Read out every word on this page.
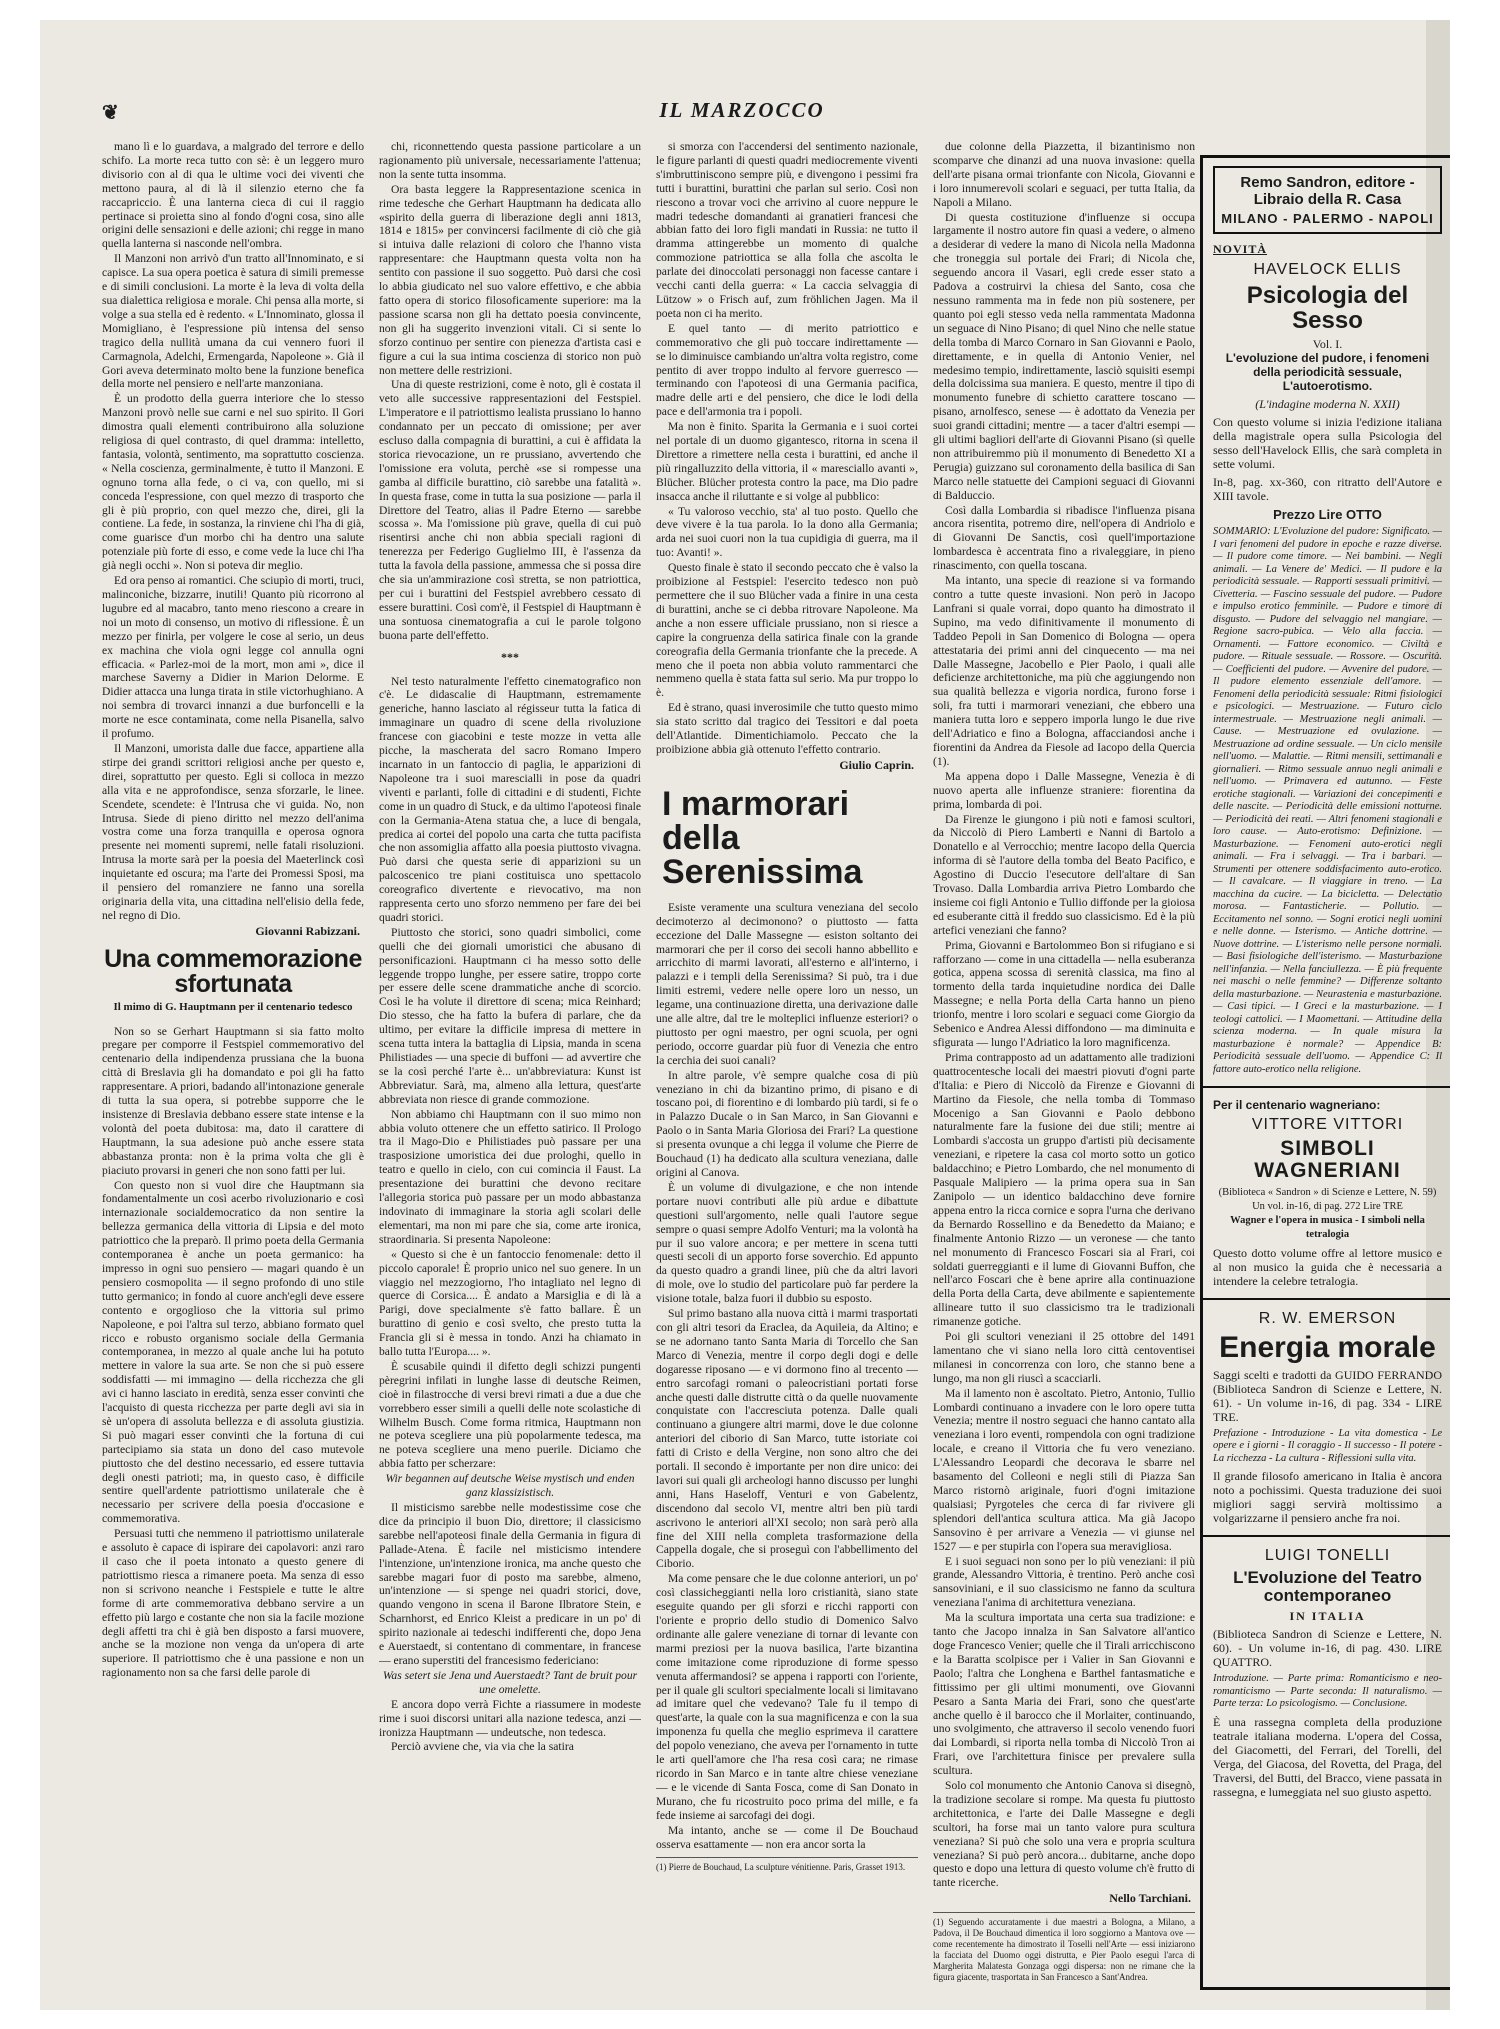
❦	IL MARZOCCO

mano lì e lo guardava, a malgrado del terrore e dello schifo. La morte reca tutto con sè: è un leggero muro divisorio con al di qua le ultime voci dei viventi che mettono paura, al di là il silenzio eterno che fa raccapriccio. È una lanterna cieca di cui il raggio pertinace si proietta sino al fondo d'ogni cosa, sino alle origini delle sensazioni e delle azioni; chi regge in mano quella lanterna si nasconde nell'ombra.

Il Manzoni non arrivò d'un tratto all'Innominato, e si capisce. La sua opera poetica è satura di simili premesse e di simili conclusioni. La morte è la leva di volta della sua dialettica religiosa e morale. Chi pensa alla morte, si volge a sua stella ed è redento. « L'Innominato, glossa il Momigliano, è l'espressione più intensa del senso tragico della nullità umana da cui vennero fuori il Carmagnola, Adelchi, Ermengarda, Napoleone ». Già il Gori aveva determinato molto bene la funzione benefica della morte nel pensiero e nell'arte manzoniana.

È un prodotto della guerra interiore che lo stesso Manzoni provò nelle sue carni e nel suo spirito. Il Gori dimostra quali elementi contribuirono alla soluzione religiosa di quel contrasto, di quel dramma: intelletto, fantasia, volontà, sentimento, ma soprattutto coscienza. « Nella coscienza, germinalmente, è tutto il Manzoni. E ognuno torna alla fede, o ci va, con quello, mi si conceda l'espressione, con quel mezzo di trasporto che gli è più proprio, con quel mezzo che, direi, gli la contiene. La fede, in sostanza, la rinviene chi l'ha di già, come guarisce d'un morbo chi ha dentro una salute potenziale più forte di esso, e come vede la luce chi l'ha già negli occhi ». Non si poteva dir meglio.

Ed ora penso ai romantici. Che sciupìo di morti, truci, malinconiche, bizzarre, inutili! Quanto più ricorrono al lugubre ed al macabro, tanto meno riescono a creare in noi un moto di consenso, un motivo di riflessione. È un mezzo per finirla, per volgere le cose al serio, un deus ex machina che viola ogni legge col annulla ogni efficacia. « Parlez-moi de la mort, mon ami », dice il marchese Saverny a Didier in Marion Delorme. E Didier attacca una lunga tirata in stile victorhughiano. A noi sembra di trovarci innanzi a due burfoncelli e la morte ne esce contaminata, come nella Pisanella, salvo il profumo.

Il Manzoni, umorista dalle due facce, appartiene alla stirpe dei grandi scrittori religiosi anche per questo e, direi, soprattutto per questo. Egli si colloca in mezzo alla vita e ne approfondisce, senza sforzarle, le linee. Scendete, scendete: è l'Intrusa che vi guida. No, non Intrusa. Siede di pieno diritto nel mezzo dell'anima vostra come una forza tranquilla e operosa ognora presente nei momenti supremi, nelle fatali risoluzioni. Intrusa la morte sarà per la poesia del Maeterlinck così inquietante ed oscura; ma l'arte dei Promessi Sposi, ma il pensiero del romanziere ne fanno una sorella originaria della vita, una cittadina nell'elisio della fede, nel regno di Dio.

Giovanni Rabizzani.
Una commemorazione sfortunata
Il mimo di G. Hauptmann per il centenario tedesco

Non so se Gerhart Hauptmann si sia fatto molto pregare per comporre il Festspiel commemorativo del centenario della indipendenza prussiana che la buona città di Breslavia gli ha domandato e poi gli ha fatto rappresentare. A priori, badando all'intonazione generale di tutta la sua opera, si potrebbe supporre che le insistenze di Breslavia debbano essere state intense e la volontà del poeta dubitosa: ma, dato il carattere di Hauptmann, la sua adesione può anche essere stata abbastanza pronta: non è la prima volta che gli è piaciuto provarsi in generi che non sono fatti per lui.

Con questo non si vuol dire che Hauptmann sia fondamentalmente un così acerbo rivoluzionario e così internazionale socialdemocratico da non sentire la bellezza germanica della vittoria di Lipsia e del moto patriottico che la preparò. Il primo poeta della Germania contemporanea è anche un poeta germanico: ha impresso in ogni suo pensiero — magari quando è un pensiero cosmopolita — il segno profondo di uno stile tutto germanico; in fondo al cuore anch'egli deve essere contento e orgoglioso che la vittoria sul primo Napoleone, e poi l'altra sul terzo, abbiano formato quel ricco e robusto organismo sociale della Germania contemporanea, in mezzo al quale anche lui ha potuto mettere in valore la sua arte. Se non che si può essere soddisfatti — mi immagino — della ricchezza che gli avi ci hanno lasciato in eredità, senza esser convinti che l'acquisto di questa ricchezza per parte degli avi sia in sè un'opera di assoluta bellezza e di assoluta giustizia. Si può magari esser convinti che la fortuna di cui partecipiamo sia stata un dono del caso mutevole piuttosto che del destino necessario, ed essere tuttavia degli onesti patrioti; ma, in questo caso, è difficile sentire quell'ardente patriottismo unilaterale che è necessario per scrivere della poesia d'occasione e commemorativa.

Persuasi tutti che nemmeno il patriottismo unilaterale e assoluto è capace di ispirare dei capolavori: anzi raro il caso che il poeta intonato a questo genere di patriottismo riesca a rimanere poeta. Ma senza di esso non si scrivono neanche i Festspiele e tutte le altre forme di arte commemorativa debbano servire a un effetto più largo e costante che non sia la facile mozione degli affetti tra chi è già ben disposto a farsi muovere, anche se la mozione non venga da un'opera di arte superiore. Il patriottismo che è una passione e non un ragionamento non sa che farsi delle parole di

chi, riconnettendo questa passione particolare a un ragionamento più universale, necessariamente l'attenua; non la sente tutta insomma.

Ora basta leggere la Rappresentazione scenica in rime tedesche che Gerhart Hauptmann ha dedicata allo «spirito della guerra di liberazione degli anni 1813, 1814 e 1815» per convincersi facilmente di ciò che già si intuiva dalle relazioni di coloro che l'hanno vista rappresentare: che Hauptmann questa volta non ha sentito con passione il suo soggetto. Può darsi che così lo abbia giudicato nel suo valore effettivo, e che abbia fatto opera di storico filosoficamente superiore: ma la passione scarsa non gli ha dettato poesia convincente, non gli ha suggerito invenzioni vitali. Ci si sente lo sforzo continuo per sentire con pienezza d'artista casi e figure a cui la sua intima coscienza di storico non può non mettere delle restrizioni.

Una di queste restrizioni, come è noto, gli è costata il veto alle successive rappresentazioni del Festspiel. L'imperatore e il patriottismo lealista prussiano lo hanno condannato per un peccato di omissione; per aver escluso dalla compagnia di burattini, a cui è affidata la storica rievocazione, un re prussiano, avvertendo che l'omissione era voluta, perchè «se si rompesse una gamba al difficile burattino, ciò sarebbe una fatalità ». In questa frase, come in tutta la sua posizione — parla il Direttore del Teatro, alias il Padre Eterno — sarebbe scossa ». Ma l'omissione più grave, quella di cui può risentirsi anche chi non abbia speciali ragioni di tenerezza per Federigo Guglielmo III, è l'assenza da tutta la favola della passione, ammessa che si possa dire che sia un'ammirazione così stretta, se non patriottica, per cui i burattini del Festspiel avrebbero cessato di essere burattini. Così com'è, il Festspiel di Hauptmann è una sontuosa cinematografia a cui le parole tolgono buona parte dell'effetto.

***

Nel testo naturalmente l'effetto cinematografico non c'è. Le didascalie di Hauptmann, estremamente generiche, hanno lasciato al régisseur tutta la fatica di immaginare un quadro di scene della rivoluzione francese con giacobini e teste mozze in vetta alle picche, la mascherata del sacro Romano Impero incarnato in un fantoccio di paglia, le apparizioni di Napoleone tra i suoi marescialli in pose da quadri viventi e parlanti, folle di cittadini e di studenti, Fichte come in un quadro di Stuck, e da ultimo l'apoteosi finale con la Germania-Atena statua che, a luce di bengala, predica ai cortei del popolo una carta che tutta pacifista che non assomiglia affatto alla poesia piuttosto vivagna. Può darsi che questa serie di apparizioni su un palcoscenico tre piani costituisca uno spettacolo coreografico divertente e rievocativo, ma non rappresenta certo uno sforzo nemmeno per fare dei bei quadri storici.

Piuttosto che storici, sono quadri simbolici, come quelli che dei giornali umoristici che abusano di personificazioni. Hauptmann ci ha messo sotto delle leggende troppo lunghe, per essere satire, troppo corte per essere delle scene drammatiche anche di scorcio. Così le ha volute il direttore di scena; mica Reinhard; Dio stesso, che ha fatto la bufera di parlare, che da ultimo, per evitare la difficile impresa di mettere in scena tutta intera la battaglia di Lipsia, manda in scena Philistiades — una specie di buffoni — ad avvertire che se la così perché l'arte è... un'abbreviatura: Kunst ist Abbreviatur. Sarà, ma, almeno alla lettura, quest'arte abbreviata non riesce di grande commozione.

Non abbiamo chi Hauptmann con il suo mimo non abbia voluto ottenere che un effetto satirico. Il Prologo tra il Mago-Dio e Philistiades può passare per una trasposizione umoristica dei due prologhi, quello in teatro e quello in cielo, con cui comincia il Faust. La presentazione dei burattini che devono recitare l'allegoria storica può passare per un modo abbastanza indovinato di immaginare la storia agli scolari delle elementari, ma non mi pare che sia, come arte ironica, straordinaria. Si presenta Napoleone:

« Questo si che è un fantoccio fenomenale: detto il piccolo caporale! È proprio unico nel suo genere. In un viaggio nel mezzogiorno, l'ho intagliato nel legno di querce di Corsica.... È andato a Marsiglia e di là a Parigi, dove specialmente s'è fatto ballare. È un burattino di genio e così svelto, che presto tutta la Francia gli si è messa in tondo. Anzi ha chiamato in ballo tutta l'Europa.... ».

È scusabile quindi il difetto degli schizzi pungenti pèregrini infilati in lunghe lasse di deutsche Reimen, cioè in filastrocche di versi brevi rimati a due a due che vorrebbero esser simili a quelli delle note scolastiche di Wilhelm Busch. Come forma ritmica, Hauptmann non ne poteva scegliere una più popolarmente tedesca, ma ne poteva scegliere una meno puerile. Diciamo che abbia fatto per scherzare:

Wir begannen auf deutsche Weise mystisch und enden ganz klassizistisch.

Il misticismo sarebbe nelle modestissime cose che dice da principio il buon Dio, direttore; il classicismo sarebbe nell'apoteosi finale della Germania in figura di Pallade-Atena. È facile nel misticismo intendere l'intenzione, un'intenzione ironica, ma anche questo che sarebbe magari fuor di posto ma sarebbe, almeno, un'intenzione — si spenge nei quadri storici, dove, quando vengono in scena il Barone Ilbratore Stein, e Scharnhorst, ed Enrico Kleist a predicare in un po' di spirito nazionale ai tedeschi indifferenti che, dopo Jena e Auerstaedt, si contentano di commentare, in francese — erano superstiti del francesismo federiciano:

Was setert sie Jena und Auerstaedt? Tant de bruit pour une omelette.

E ancora dopo verrà Fichte a riassumere in modeste rime i suoi discorsi unitari alla nazione tedesca, anzi — ironizza Hauptmann — undeutsche, non tedesca.

Perciò avviene che, via via che la satira

si smorza con l'accendersi del sentimento nazionale, le figure parlanti di questi quadri mediocremente viventi s'imbruttiniscono sempre più, e divengono i pessimi fra tutti i burattini, burattini che parlan sul serio. Così non riescono a trovar voci che arrivino al cuore neppure le madri tedesche domandanti ai granatieri francesi che abbian fatto dei loro figli mandati in Russia: ne tutto il dramma attingerebbe un momento di qualche commozione patriottica se alla folla che ascolta le parlate dei dinoccolati personaggi non facesse cantare i vecchi canti della guerra: « La caccia selvaggia di Lützow » o Frisch auf, zum fröhlichen Jagen. Ma il poeta non ci ha merito.

E quel tanto — di merito patriottico e commemorativo che gli può toccare indirettamente — se lo diminuisce cambiando un'altra volta registro, come pentito di aver troppo indulto al fervore guerresco — terminando con l'apoteosi di una Germania pacifica, madre delle arti e del pensiero, che dice le lodi della pace e dell'armonia tra i popoli.

Ma non è finito. Sparita la Germania e i suoi cortei nel portale di un duomo gigantesco, ritorna in scena il Direttore a rimettere nella cesta i burattini, ed anche il più ringalluzzito della vittoria, il « maresciallo avanti », Blücher. Blücher protesta contro la pace, ma Dio padre insacca anche il riluttante e si volge al pubblico:

« Tu valoroso vecchio, sta' al tuo posto. Quello che deve vivere è la tua parola. Io la dono alla Germania; arda nei suoi cuori non la tua cupidigia di guerra, ma il tuo: Avanti! ».

Questo finale è stato il secondo peccato che è valso la proibizione al Festspiel: l'esercito tedesco non può permettere che il suo Blücher vada a finire in una cesta di burattini, anche se ci debba ritrovare Napoleone. Ma anche a non essere ufficiale prussiano, non si riesce a capire la congruenza della satirica finale con la grande coreografia della Germania trionfante che la precede. A meno che il poeta non abbia voluto rammentarci che nemmeno quella è stata fatta sul serio. Ma pur troppo lo è.

Ed è strano, quasi inverosimile che tutto questo mimo sia stato scritto dal tragico dei Tessitori e dal poeta dell'Atlantide. Dimentichiamolo. Peccato che la proibizione abbia già ottenuto l'effetto contrario.

Giulio Caprin.
I marmorari della Serenissima

Esiste veramente una scultura veneziana del secolo decimoterzo al decimonono? o piuttosto — fatta eccezione del Dalle Massegne — esiston soltanto dei marmorari che per il corso dei secoli hanno abbellito e arricchito di marmi lavorati, all'esterno e all'interno, i palazzi e i templi della Serenissima? Si può, tra i due limiti estremi, vedere nelle opere loro un nesso, un legame, una continuazione diretta, una derivazione dalle une alle altre, dal tre le molteplici influenze esteriori? o piuttosto per ogni maestro, per ogni scuola, per ogni periodo, occorre guardar più fuor di Venezia che entro la cerchia dei suoi canali?

In altre parole, v'è sempre qualche cosa di più veneziano in chi da bizantino primo, di pisano e di toscano poi, di fiorentino e di lombardo più tardi, si fe o in Palazzo Ducale o in San Marco, in San Giovanni e Paolo o in Santa Maria Gloriosa dei Frari? La questione si presenta ovunque a chi legga il volume che Pierre de Bouchaud (1) ha dedicato alla scultura veneziana, dalle origini al Canova.

È un volume di divulgazione, e che non intende portare nuovi contributi alle più ardue e dibattute questioni sull'argomento, nelle quali l'autore segue sempre o quasi sempre Adolfo Venturi; ma la volontà ha pur il suo valore ancora; e per mettere in scena tutti questi secoli di un apporto forse soverchio. Ed appunto da questo quadro a grandi linee, più che da altri lavori di mole, ove lo studio del particolare può far perdere la visione totale, balza fuori il dubbio su esposto.

Sul primo bastano alla nuova città i marmi trasportati con gli altri tesori da Eraclea, da Aquileia, da Altino; e se ne adornano tanto Santa Maria di Torcello che San Marco di Venezia, mentre il corpo degli dogi e delle dogaresse riposano — e vi dormono fino al trecento — entro sarcofagi romani o paleocristiani portati forse anche questi dalle distrutte città o da quelle nuovamente conquistate con l'accresciuta potenza. Dalle quali continuano a giungere altri marmi, dove le due colonne anteriori del ciborio di San Marco, tutte istoriate coi fatti di Cristo e della Vergine, non sono altro che dei portali. Il secondo è importante per non dire unico: dei lavori sui quali gli archeologi hanno discusso per lunghi anni, Hans Haseloff, Venturi e von Gabelentz, discendono dal secolo VI, mentre altri ben più tardi ascrivono le anteriori all'XI secolo; non sarà però alla fine del XIII nella completa trasformazione della Cappella dogale, che si proseguì con l'abbellimento del Ciborio.

Ma come pensare che le due colonne anteriori, un po' così classicheggianti nella loro cristianità, siano state eseguite quando per gli sforzi e ricchi rapporti con l'oriente e proprio dello studio di Domenico Salvo ordinante alle galere veneziane di tornar di levante con marmi preziosi per la nuova basilica, l'arte bizantina come imitazione come riproduzione di forme spesso venuta affermandosi? se appena i rapporti con l'oriente, per il quale gli scultori specialmente locali si limitavano ad imitare quel che vedevano? Tale fu il tempo di quest'arte, la quale con la sua magnificenza e con la sua imponenza fu quella che meglio esprimeva il carattere del popolo veneziano, che aveva per l'ornamento in tutte le arti quell'amore che l'ha resa così cara; ne rimase ricordo in San Marco e in tante altre chiese veneziane — e le vicende di Santa Fosca, come di San Donato in Murano, che fu ricostruito poco prima del mille, e fa fede insieme ai sarcofagi dei dogi.

Ma intanto, anche se — come il De Bouchaud osserva esattamente — non era ancor sorta la

(1) Pierre de Bouchaud, La sculpture vénitienne. Paris, Grasset 1913.

due colonne della Piazzetta, il bizantinismo non scomparve che dinanzi ad una nuova invasione: quella dell'arte pisana ormai trionfante con Nicola, Giovanni e i loro innumerevoli scolari e seguaci, per tutta Italia, da Napoli a Milano.

Di questa costituzione d'influenze si occupa largamente il nostro autore fin quasi a vedere, o almeno a desiderar di vedere la mano di Nicola nella Madonna che troneggia sul portale dei Frari; di Nicola che, seguendo ancora il Vasari, egli crede esser stato a Padova a costruirvi la chiesa del Santo, cosa che nessuno rammenta ma in fede non più sostenere, per quanto poi egli stesso veda nella rammentata Madonna un seguace di Nino Pisano; di quel Nino che nelle statue della tomba di Marco Cornaro in San Giovanni e Paolo, direttamente, e in quella di Antonio Venier, nel medesimo tempio, indirettamente, lasciò squisiti esempi della dolcissima sua maniera. E questo, mentre il tipo di monumento funebre di schietto carattere toscano — pisano, arnolfesco, senese — è adottato da Venezia per suoi grandi cittadini; mentre — a tacer d'altri esempi — gli ultimi bagliori dell'arte di Giovanni Pisano (sì quelle non attribuiremmo più il monumento di Benedetto XI a Perugia) guizzano sul coronamento della basilica di San Marco nelle statuette dei Campioni seguaci di Giovanni di Balduccio.

Così dalla Lombardia si ribadisce l'influenza pisana ancora risentita, potremo dire, nell'opera di Andriolo e di Giovanni De Sanctis, così quell'importazione lombardesca è accentrata fino a rivaleggiare, in pieno rinascimento, con quella toscana.

Ma intanto, una specie di reazione si va formando contro a tutte queste invasioni. Non però in Jacopo Lanfrani si quale vorrai, dopo quanto ha dimostrato il Supino, ma vedo difinitivamente il monumento di Taddeo Pepoli in San Domenico di Bologna — opera attestataria dei primi anni del cinquecento — ma nei Dalle Massegne, Jacobello e Pier Paolo, i quali alle deficienze architettoniche, ma più che aggiungendo non sua qualità bellezza e vigoria nordica, furono forse i soli, fra tutti i marmorari veneziani, che ebbero una maniera tutta loro e seppero imporla lungo le due rive dell'Adriatico e fino a Bologna, affacciandosi anche i fiorentini da Andrea da Fiesole ad Iacopo della Quercia (1).

Ma appena dopo i Dalle Massegne, Venezia è di nuovo aperta alle influenze straniere: fiorentina da prima, lombarda di poi.

Da Firenze le giungono i più noti e famosi scultori, da Niccolò di Piero Lamberti e Nanni di Bartolo a Donatello e al Verrocchio; mentre Iacopo della Quercia informa di sè l'autore della tomba del Beato Pacifico, e Agostino di Duccio l'esecutore dell'altare di San Trovaso. Dalla Lombardia arriva Pietro Lombardo che insieme coi figli Antonio e Tullio diffonde per la gioiosa ed esuberante città il freddo suo classicismo. Ed è la più artefici veneziani che fanno?

Prima, Giovanni e Bartolommeo Bon si rifugiano e si rafforzano — come in una cittadella — nella esuberanza gotica, appena scossa di serenità classica, ma fino al tormento della tarda inquietudine nordica dei Dalle Massegne; e nella Porta della Carta hanno un pieno trionfo, mentre i loro scolari e seguaci come Giorgio da Sebenico e Andrea Alessi diffondono — ma diminuita e sfigurata — lungo l'Adriatico la loro magnificenza.

Prima contrapposto ad un adattamento alle tradizioni quattrocentesche locali dei maestri piovuti d'ogni parte d'Italia: e Piero di Niccolò da Firenze e Giovanni di Martino da Fiesole, che nella tomba di Tommaso Mocenigo a San Giovanni e Paolo debbono naturalmente fare la fusione dei due stili; mentre ai Lombardi s'accosta un gruppo d'artisti più decisamente veneziani, e ripetere la casa col morto sotto un gotico baldacchino; e Pietro Lombardo, che nel monumento di Pasquale Malipiero — la prima opera sua in San Zanipolo — un identico baldacchino deve fornire appena entro la ricca cornice e sopra l'urna che derivano da Bernardo Rossellino e da Benedetto da Maiano; e finalmente Antonio Rizzo — un veronese — che tanto nel monumento di Francesco Foscari sia al Frari, coi soldati guerreggianti e il lume di Giovanni Buffon, che nell'arco Foscari che è bene aprire alla continuazione della Porta della Carta, deve abilmente e sapientemente allineare tutto il suo classicismo tra le tradizionali rimanenze gotiche.

Poi gli scultori veneziani il 25 ottobre del 1491 lamentano che vi siano nella loro città centoventisei milanesi in concorrenza con loro, che stanno bene a lungo, ma non gli riuscì a scacciarli.

Ma il lamento non è ascoltato. Pietro, Antonio, Tullio Lombardi continuano a invadere con le loro opere tutta Venezia; mentre il nostro seguaci che hanno cantato alla veneziana i loro eventi, rompendola con ogni tradizione locale, e creano il Vittoria che fu vero veneziano. L'Alessandro Leopardi che decorava le sbarre nel basamento del Colleoni e negli stili di Piazza San Marco ristornò ariginale, fuori d'ogni imitazione qualsiasi; Pyrgoteles che cerca di far rivivere gli splendori dell'antica scultura attica. Ma già Jacopo Sansovino è per arrivare a Venezia — vi giunse nel 1527 — e per stupirla con l'opera sua meravigliosa.

E i suoi seguaci non sono per lo più veneziani: il più grande, Alessandro Vittoria, è trentino. Però anche così sansoviniani, e il suo classicismo ne fanno da scultura veneziana l'anima di architettura veneziana.

Ma la scultura importata una certa sua tradizione: e tanto che Jacopo innalza in San Salvatore all'antico doge Francesco Venier; quelle che il Tirali arricchiscono e la Baratta scolpisce per i Valier in San Giovanni e Paolo; l'altra che Longhena e Barthel fantasmatiche e fittissimo per gli ultimi monumenti, ove Giovanni Pesaro a Santa Maria dei Frari, sono che quest'arte anche quello è il barocco che il Morlaiter, continuando, uno svolgimento, che attraverso il secolo venendo fuori dai Lombardi, si riporta nella tomba di Niccolò Tron ai Frari, ove l'architettura finisce per prevalere sulla scultura.

Solo col monumento che Antonio Canova si disegnò, la tradizione secolare si rompe. Ma questa fu piuttosto architettonica, e l'arte dei Dalle Massegne e degli scultori, ha forse mai un tanto valore pura scultura veneziana? Si può che solo una vera e propria scultura veneziana? Si può però ancora... dubitarne, anche dopo questo e dopo una lettura di questo volume ch'è frutto di tante ricerche.

Nello Tarchiani.
(1) Seguendo accuratamente i due maestri a Bologna, a Milano, a Padova, il De Bouchaud dimentica il loro soggiorno a Mantova ove — come recentemente ha dimostrato il Toselli nell'Arte — essi iniziarono la facciata del Duomo oggi distrutta, e Pier Paolo eseguì l'arca di Margherita Malatesta Gonzaga oggi dispersa: non ne rimane che la figura giacente, trasportata in San Francesco a Sant'Andrea.
Remo Sandron, editore - Libraio della R. Casa
MILANO - PALERMO - NAPOLI
NOVITÀ
HAVELOCK ELLIS
Psicologia del Sesso
Vol. I.
L'evoluzione del pudore, i fenomeni della periodicità sessuale, L'autoerotismo.
(L'indagine moderna N. XXII)
Con questo volume si inizia l'edizione italiana della magistrale opera sulla Psicologia del sesso dell'Havelock Ellis, che sarà completa in sette volumi.
In-8, pag. xx-360, con ritratto dell'Autore e XIII tavole.
Prezzo Lire OTTO
SOMMARIO: L'Evoluzione del pudore: Significato. — I vari fenomeni del pudore in epoche e razze diverse. — Il pudore come timore. — Nei bambini. — Negli animali. — La Venere de' Medici. — Il pudore e la periodicità sessuale. — Rapporti sessuali primitivi. — Civetteria. — Fascino sessuale del pudore. — Pudore e impulso erotico femminile. — Pudore e timore di disgusto. — Pudore del selvaggio nel mangiare. — Regione sacro-pubica. — Velo alla faccia. — Ornamenti. — Fattore economico. — Civiltà e pudore. — Rituale sessuale. — Rossore. — Oscurità. — Coefficienti del pudore. — Avvenire del pudore. — Il pudore elemento essenziale dell'amore. — Fenomeni della periodicità sessuale: Ritmi fisiologici e psicologici. — Mestruazione. — Futuro ciclo intermestruale. — Mestruazione negli animali. — Cause. — Mestruazione ed ovulazione. — Mestruazione ad ordine sessuale. — Un ciclo mensile nell'uomo. — Malattie. — Ritmi mensili, settimanali e giornalieri. — Ritmo sessuale annuo negli animali e nell'uomo. — Primavera ed autunno. — Feste erotiche stagionali. — Variazioni dei concepimenti e delle nascite. — Periodicità delle emissioni notturne. — Periodicità dei reati. — Altri fenomeni stagionali e loro cause. — Auto-erotismo: Definizione. — Masturbazione. — Fenomeni auto-erotici negli animali. — Fra i selvaggi. — Tra i barbari. — Strumenti per ottenere soddisfacimento auto-erotico. — Il cavalcare. — Il viaggiare in treno. — La macchina da cucire. — La bicicletta. — Delectatio morosa. — Fantasticherie. — Pollutio. — Eccitamento nel sonno. — Sogni erotici negli uomini e nelle donne. — Isterismo. — Antiche dottrine. — Nuove dottrine. — L'isterismo nelle persone normali. — Basi fisiologiche dell'isterismo. — Masturbazione nell'infanzia. — Nella fanciullezza. — È più frequente nei maschi o nelle femmine? — Differenze soltanto della masturbazione. — Neurastenia e masturbazione. — Casi tipici. — I Greci e la masturbazione. — I teologi cattolici. — I Maomettani. — Attitudine della scienza moderna. — In quale misura la masturbazione è normale? — Appendice B: Periodicità sessuale dell'uomo. — Appendice C: Il fattore auto-erotico nella religione.
Per il centenario wagneriano:
VITTORE VITTORI
SIMBOLI WAGNERIANI
(Biblioteca « Sandron » di Scienze e Lettere, N. 59) Un vol. in-16, di pag. 272 Lire TRE
Wagner e l'opera in musica - I simboli nella tetralogia
Questo dotto volume offre al lettore musico e al non musico la guida che è necessaria a intendere la celebre tetralogia.
R. W. EMERSON
Energia morale
Saggi scelti e tradotti da GUIDO FERRANDO (Biblioteca Sandron di Scienze e Lettere, N. 61). - Un volume in-16, di pag. 334 - LIRE TRE.
Prefazione - Introduzione - La vita domestica - Le opere e i giorni - Il coraggio - Il successo - Il potere - La ricchezza - La cultura - Riflessioni sulla vita.
Il grande filosofo americano in Italia è ancora noto a pochissimi. Questa traduzione dei suoi migliori saggi servirà moltissimo a volgarizzarne il pensiero anche fra noi.
LUIGI TONELLI
L'Evoluzione del Teatro contemporaneo
IN ITALIA
(Biblioteca Sandron di Scienze e Lettere, N. 60). - Un volume in-16, di pag. 430. LIRE QUATTRO.
Introduzione. — Parte prima: Romanticismo e neo-romanticismo — Parte seconda: Il naturalismo. — Parte terza: Lo psicologismo. — Conclusione.
È una rassegna completa della produzione teatrale italiana moderna. L'opera del Cossa, del Giacometti, del Ferrari, del Torelli, del Verga, del Giacosa, del Rovetta, del Praga, del Traversi, del Butti, del Bracco, viene passata in rassegna, e lumeggiata nel suo giusto aspetto.
